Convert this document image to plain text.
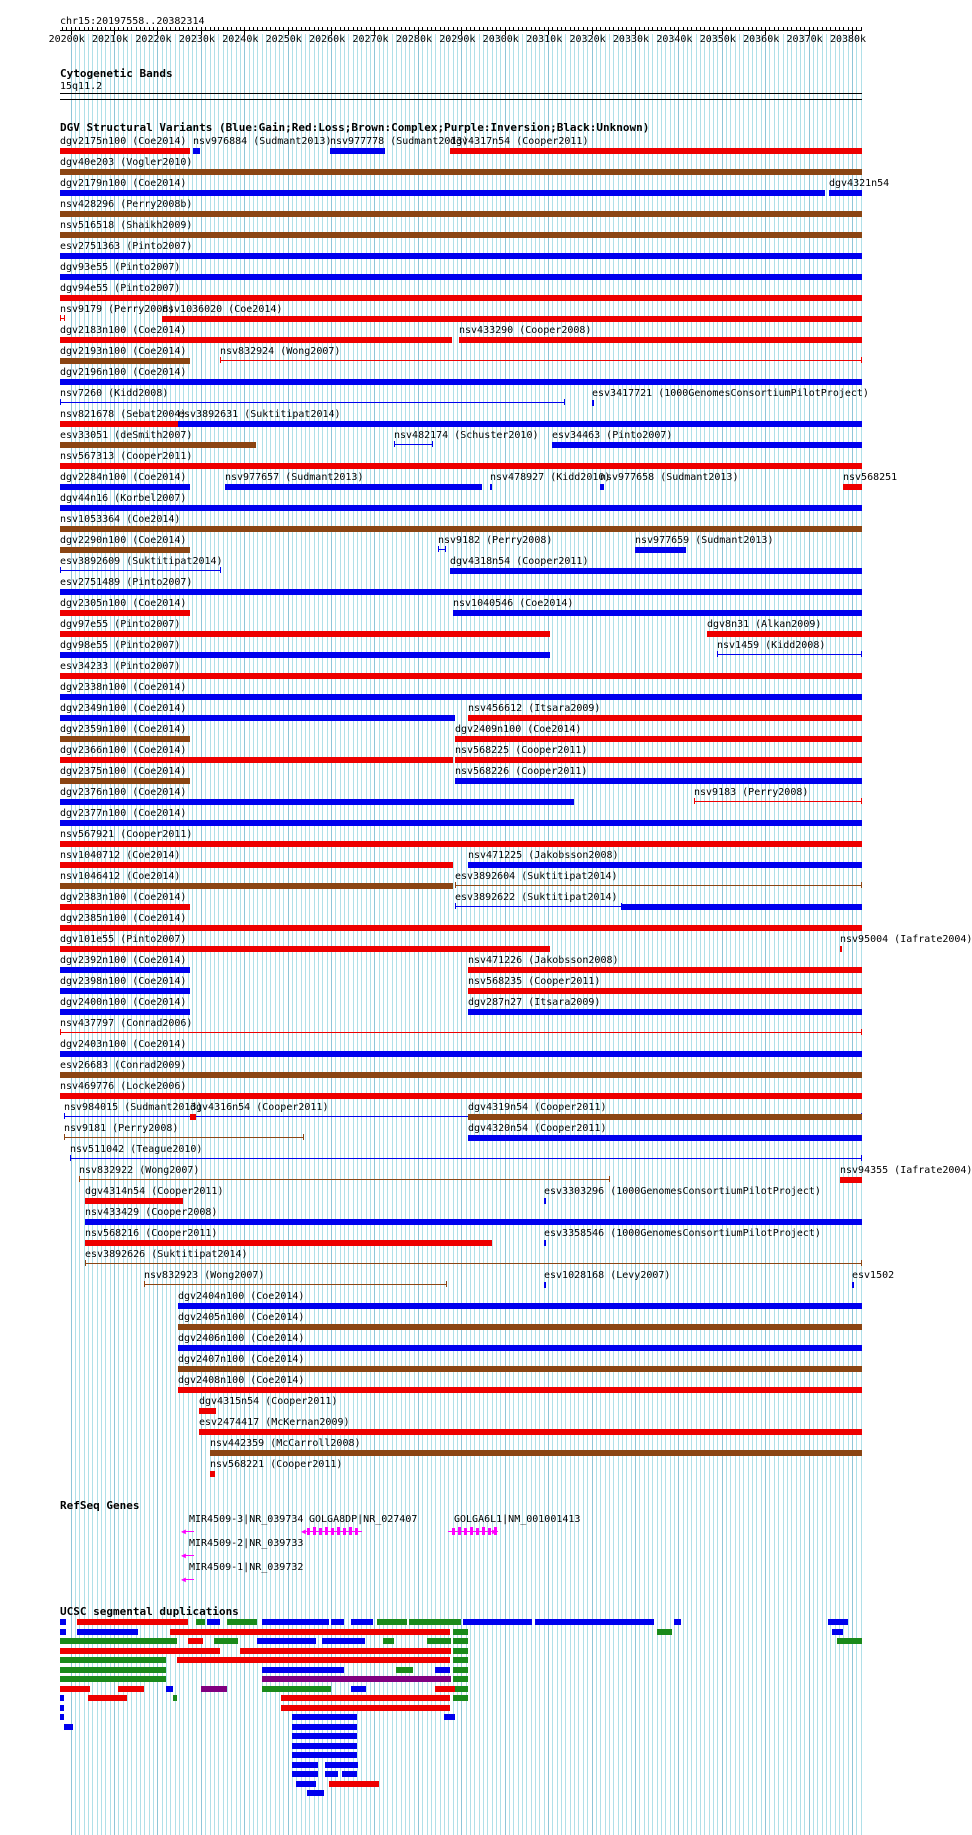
chr15:20197558..20382314
20200k 20210k 20220k 20230k 20240k 20250k 20260k 20270k 20280k 20290k 20300k 20310k 20320k 20330k 20340k 20350k 20360k 20370k 20380k
Cytogenetic Bands
15q11.2
DGV Structural Variants (Blue:Gain;Red:Loss;Brown:Complex;Purple:Inversion;Black:Unknown)
dgv2175n100 (Coe2014) nsv976884 (Sudmant2013)
nsv977778 (Sudmant2013)
dgv4317n54 (Cooper2011)
dgv40e203 (Vogler2010)
dgv2179n100 (Coe2014)	dgv4321n54
nsv428296 (Perry2008b)
nsv516518 (Shaikh2009)
esv2751363 (Pinto2007)
dgv93e55 (Pinto2007)
dgv94e55 (Pinto2007)
nsv9179 (Perry2008)
nsv1036020 (Coe2014)
dgv2183n100 (Coe2014)	nsv433290 (Cooper2008)
dgv2193n100 (Coe2014)	nsv832924 (Wong2007)
dgv2196n100 (Coe2014)
nsv7260 (Kidd2008)	esv3417721 (1000GenomesConsortiumPilotProject)
nsv821678 (Sebat2004)
esv3892631 (Suktitipat2014)
esv33051 (deSmith2007)	nsv482174 (Schuster2010) esv34463 (Pinto2007)
nsv567313 (Cooper2011)
dgv2284n100 (Coe2014)	nsv977657 (Sudmant2013)	nsv478927 (Kidd2010)
nsv977658 (Sudmant2013)	nsv568251
dgv44n16 (Korbel2007)
nsv1053364 (Coe2014)
dgv2290n100 (Coe2014)	nsv9182 (Perry2008)	nsv977659 (Sudmant2013)
esv3892609 (Suktitipat2014)	dgv4318n54 (Cooper2011)
esv2751489 (Pinto2007)
dgv2305n100 (Coe2014)	nsv1040546 (Coe2014)
dgv97e55 (Pinto2007)	dgv8n31 (Alkan2009)
dgv98e55 (Pinto2007)	nsv1459 (Kidd2008)
esv34233 (Pinto2007)
dgv2338n100 (Coe2014)
dgv2349n100 (Coe2014)	nsv456612 (Itsara2009)
dgv2359n100 (Coe2014)	dgv2409n100 (Coe2014)
dgv2366n100 (Coe2014)	nsv568225 (Cooper2011)
dgv2375n100 (Coe2014)	nsv568226 (Cooper2011)
dgv2376n100 (Coe2014)	nsv9183 (Perry2008)
dgv2377n100 (Coe2014)
nsv567921 (Cooper2011)
nsv1040712 (Coe2014)	nsv471225 (Jakobsson2008)
nsv1046412 (Coe2014)	esv3892604 (Suktitipat2014)
dgv2383n100 (Coe2014)	esv3892622 (Suktitipat2014)
dgv2385n100 (Coe2014)
dgv101e55 (Pinto2007)	nsv95004 (Iafrate2004)
dgv2392n100 (Coe2014)	nsv471226 (Jakobsson2008)
dgv2398n100 (Coe2014)	nsv568235 (Cooper2011)
dgv2400n100 (Coe2014)	dgv287n27 (Itsara2009)
nsv437797 (Conrad2006)
dgv2403n100 (Coe2014)
esv26683 (Conrad2009)
nsv469776 (Locke2006)
nsv984015 (Sudmant2013)
dgv4316n54 (Cooper2011)	dgv4319n54 (Cooper2011)
nsv9181 (Perry2008)	dgv4320n54 (Cooper2011)
nsv511042 (Teague2010)
nsv832922 (Wong2007)	nsv94355 (Iafrate2004)
dgv4314n54 (Cooper2011)	esv3303296 (1000GenomesConsortiumPilotProject)
nsv433429 (Cooper2008)
nsv568216 (Cooper2011)	esv3358546 (1000GenomesConsortiumPilotProject)
esv3892626 (Suktitipat2014)
nsv832923 (Wong2007)	esv1028168 (Levy2007)	esv1502
dgv2404n100 (Coe2014)
dgv2405n100 (Coe2014)
dgv2406n100 (Coe2014)
dgv2407n100 (Coe2014)
dgv2408n100 (Coe2014)
dgv4315n54 (Cooper2011)
esv2474417 (McKernan2009)
nsv442359 (McCarroll2008)
nsv568221 (Cooper2011)
RefSeq Genes
MIR4509-3|NR_039734
◀
GOLGA8DP|NR_027407
◀
GOLGA6L1|NM_001001413
▶
MIR4509-2|NR_039733
◀
MIR4509-1|NR_039732
◀
UCSC segmental duplications
